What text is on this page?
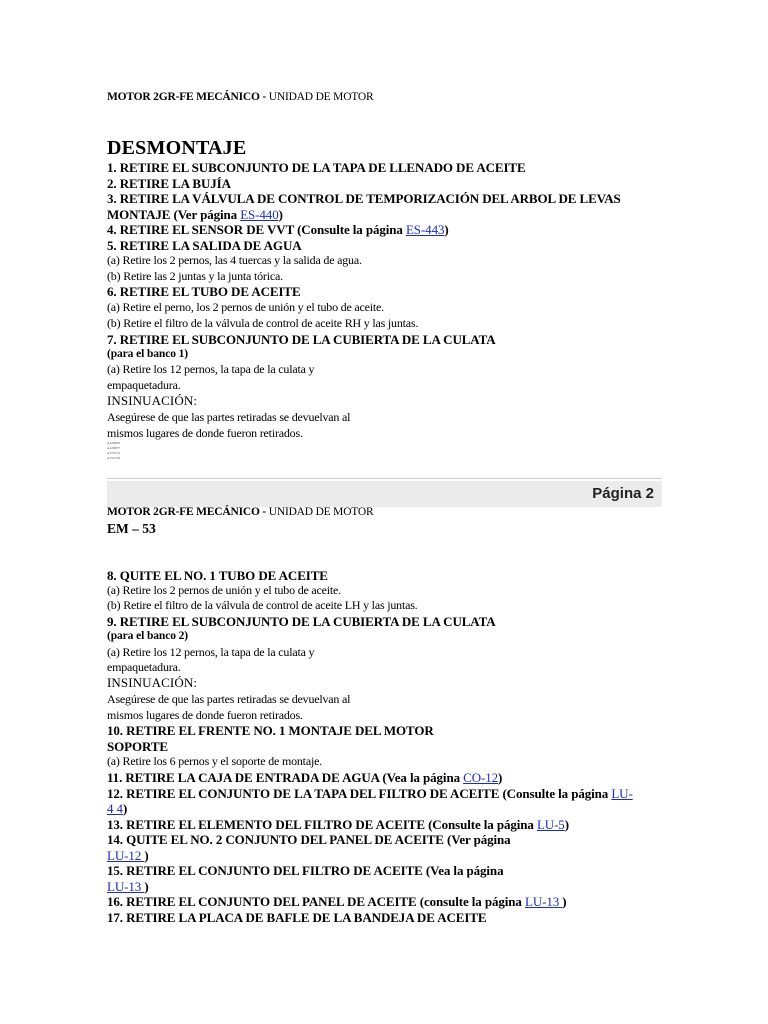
MOTOR 2GR-FE MECÁNICO - UNIDAD DE MOTOR
DESMONTAJE
1. RETIRE EL SUBCONJUNTO DE LA TAPA DE LLENADO DE ACEITE
2. RETIRE LA BUJÍA
3. RETIRE LA VÁLVULA DE CONTROL DE TEMPORIZACIÓN DEL ARBOL DE LEVAS
MONTAJE (Ver página ES-440)
4. RETIRE EL SENSOR DE VVT (Consulte la página ES-443)
5. RETIRE LA SALIDA DE AGUA
(a) Retire los 2 pernos, las 4 tuercas y la salida de agua.
(b) Retire las 2 juntas y la junta tórica.
6. RETIRE EL TUBO DE ACEITE
(a) Retire el perno, los 2 pernos de unión y el tubo de aceite.
(b) Retire el filtro de la válvula de control de aceite RH y las juntas.
7. RETIRE EL SUBCONJUNTO DE LA CUBIERTA DE LA CULATA
(para el banco 1)
(a) Retire los 12 pernos, la tapa de la culata y
empaquetadura.
INSINUACIÓN:
Asegúrese de que las partes retiradas se devuelvan al
mismos lugares de donde fueron retirados.
A129676
A129677
A152173
A152118
Página 2
MOTOR 2GR-FE MECÁNICO - UNIDAD DE MOTOR
EM – 53
8. QUITE EL NO. 1 TUBO DE ACEITE
(a) Retire los 2 pernos de unión y el tubo de aceite.
(b) Retire el filtro de la válvula de control de aceite LH y las juntas.
9. RETIRE EL SUBCONJUNTO DE LA CUBIERTA DE LA CULATA
(para el banco 2)
(a) Retire los 12 pernos, la tapa de la culata y
empaquetadura.
INSINUACIÓN:
Asegúrese de que las partes retiradas se devuelvan al
mismos lugares de donde fueron retirados.
10. RETIRE EL FRENTE NO. 1 MONTAJE DEL MOTOR
SOPORTE
(a) Retire los 6 pernos y el soporte de montaje.
11. RETIRE LA CAJA DE ENTRADA DE AGUA (Vea la página CO-12)
12. RETIRE EL CONJUNTO DE LA TAPA DEL FILTRO DE ACEITE (Consulte la página LU-
4 4)
13. RETIRE EL ELEMENTO DEL FILTRO DE ACEITE (Consulte la página LU-5)
14. QUITE EL NO. 2 CONJUNTO DEL PANEL DE ACEITE (Ver página
LU-12 )
15. RETIRE EL CONJUNTO DEL FILTRO DE ACEITE (Vea la página
LU-13 )
16. RETIRE EL CONJUNTO DEL PANEL DE ACEITE (consulte la página LU-13 )
17. RETIRE LA PLACA DE BAFLE DE LA BANDEJA DE ACEITE
